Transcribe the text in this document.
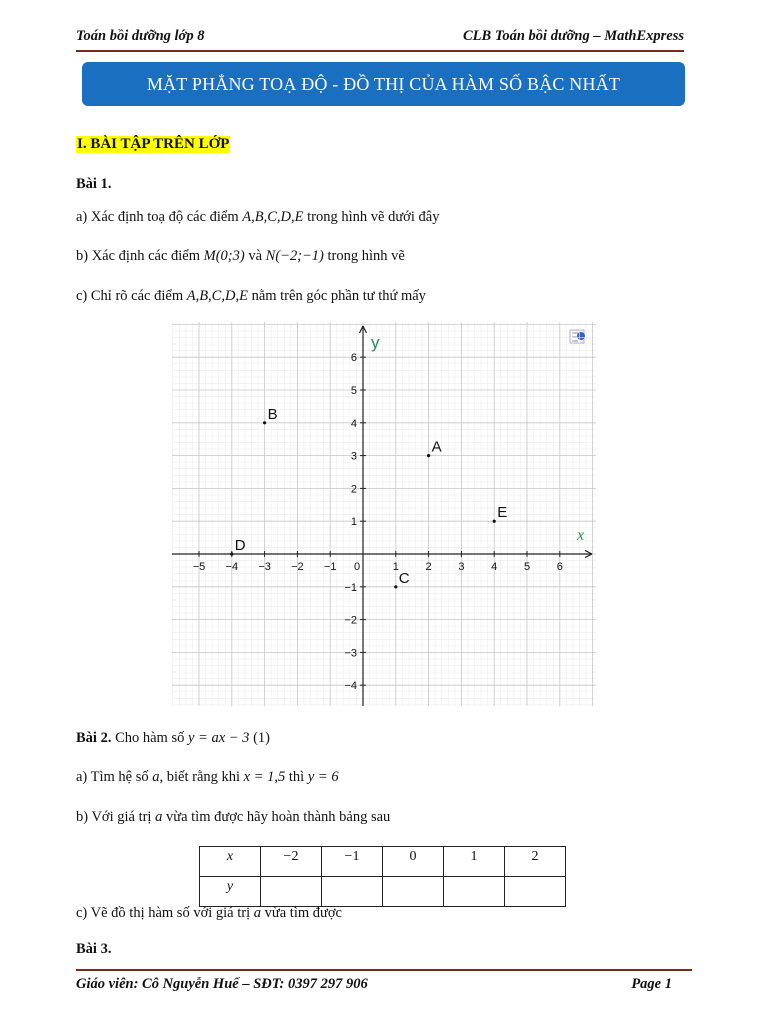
Toán bồi dưỡng lớp 8	CLB Toán bồi dưỡng – MathExpress
MẶT PHẲNG TOẠ ĐỘ - ĐỒ THỊ CỦA HÀM SỐ BẬC NHẤT
I. BÀI TẬP TRÊN LỚP
Bài 1.
a) Xác định toạ độ các điểm A,B,C,D,E trong hình vẽ dưới đây
b) Xác định các điểm M(0;3) và N(−2;−1) trong hình vẽ
c) Chỉ rõ các điểm A,B,C,D,E nằm trên góc phần tư thứ mấy
−5 −4 −3 −2 −1 0	1 2 3 4 5 6
−4
−3
−2
−1
1
2
3
4
5
6
x
y
A
B
C
D
E
Bài 2. Cho hàm số y = ax − 3 (1)
a) Tìm hệ số a, biết rằng khi x = 1,5 thì y = 6
b) Với giá trị a vừa tìm được hãy hoàn thành bảng sau
x	−2	−1	0	1	2
y					
c) Vẽ đồ thị hàm số với giá trị a vừa tìm được
Bài 3.
Giáo viên: Cô Nguyễn Huế – SĐT: 0397 297 906	Page 1
